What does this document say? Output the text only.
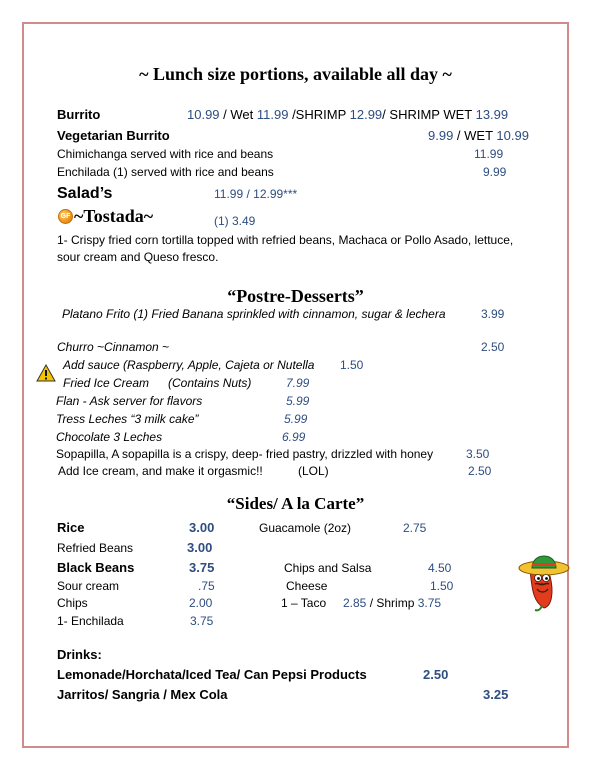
~ Lunch size portions, available all day ~
Burrito	10.99 / Wet 11.99 /SHRIMP 12.99/ SHRIMP WET 13.99
Vegetarian Burrito	9.99 / WET 10.99
Chimichanga served with rice and beans	11.99
Enchilada (1) served with rice and beans	9.99
Salad’s	11.99 / 12.99***
GF ~Tostada~	(1) 3.49
1- Crispy fried corn tortilla topped with refried beans, Machaca or Pollo Asado, lettuce,
sour cream and Queso fresco.
“Postre-Desserts”
Platano Frito (1) Fried Banana sprinkled with cinnamon, sugar & lechera	3.99
Churro ~Cinnamon ~	2.50
Add sauce (Raspberry, Apple, Cajeta or Nutella 1.50
Fried Ice Cream (Contains Nuts)	7.99
Flan - Ask server for flavors	5.99
Tress Leches “3 milk cake”	5.99
Chocolate 3 Leches	6.99
Sopapilla, A sopapilla is a crispy, deep- fried pastry, drizzled with honey	3.50
Add Ice cream, and make it orgasmic!!	(LOL)	2.50
“Sides/ A la Carte”
Rice	3.00	Guacamole (2oz)	2.75
Refried Beans	3.00
Black Beans	3.75	Chips and Salsa	4.50
Sour cream	.75	Cheese	1.50
Chips	2.00	1 – Taco 2.85 / Shrimp 3.75
1- Enchilada	3.75
Drinks:
Lemonade/Horchata/Iced Tea/ Can Pepsi Products	2.50
Jarritos/ Sangria / Mex Cola	3.25
